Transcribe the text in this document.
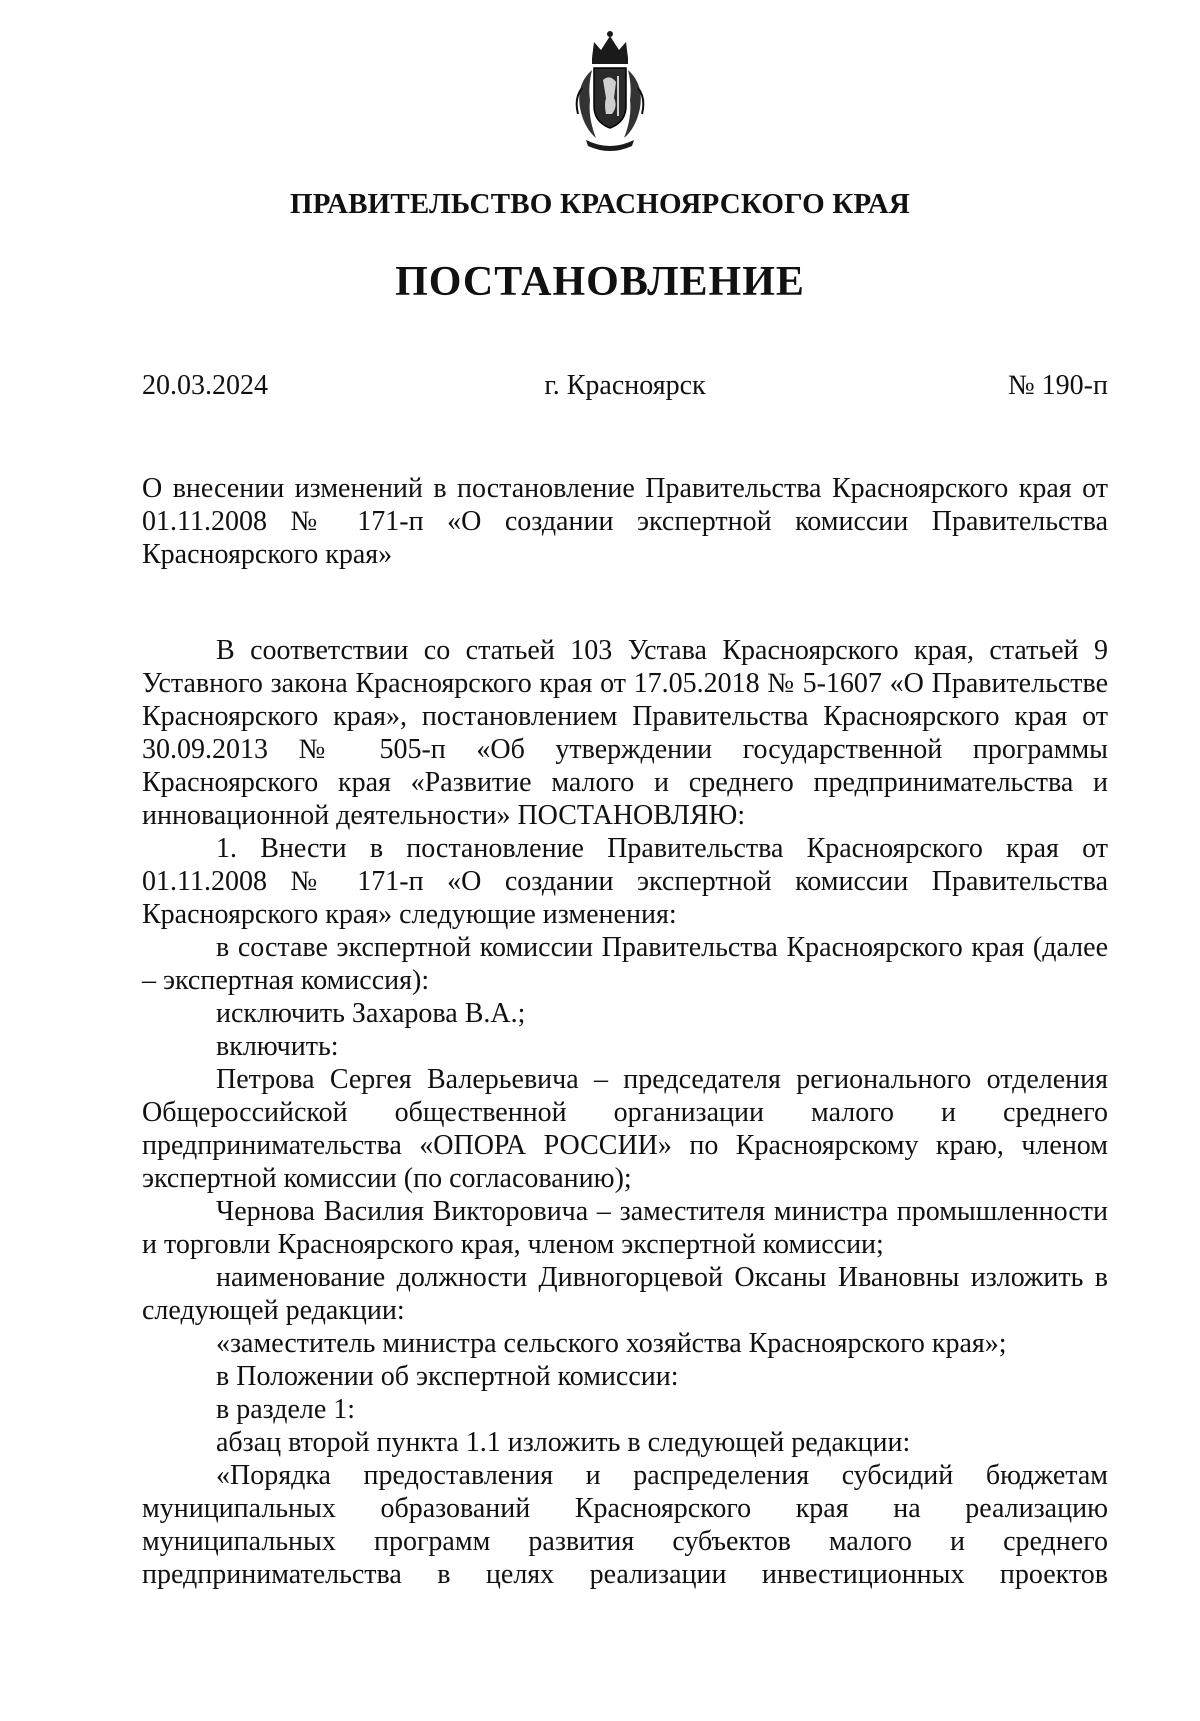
ПРАВИТЕЛЬСТВО КРАСНОЯРСКОГО КРАЯ
ПОСТАНОВЛЕНИЕ
20.03.2024	г. Красноярск	№ 190-п
О внесении изменений в постановление Правительства Красноярского края от 01.11.2008 № 171-п «О создании экспертной комиссии Правительства Красноярского края»

В соответствии со статьей 103 Устава Красноярского края, статьей 9 Уставного закона Красноярского края от 17.05.2018 № 5-1607 «О Правительстве Красноярского края», постановлением Правительства Красноярского края от 30.09.2013 № 505-п «Об утверждении государственной программы Красноярского края «Развитие малого и среднего предпринимательства и инновационной деятельности» ПОСТАНОВЛЯЮ:

1. Внести в постановление Правительства Красноярского края от 01.11.2008 № 171-п «О создании экспертной комиссии Правительства Красноярского края» следующие изменения:

в составе экспертной комиссии Правительства Красноярского края (далее – экспертная комиссия):

исключить Захарова В.А.;

включить:

Петрова Сергея Валерьевича – председателя регионального отделения Общероссийской общественной организации малого и среднего предпринимательства «ОПОРА РОССИИ» по Красноярскому краю, членом экспертной комиссии (по согласованию);

Чернова Василия Викторовича – заместителя министра промышленности и торговли Красноярского края, членом экспертной комиссии;

наименование должности Дивногорцевой Оксаны Ивановны изложить в следующей редакции:

«заместитель министра сельского хозяйства Красноярского края»;

в Положении об экспертной комиссии:

в разделе 1:

абзац второй пункта 1.1 изложить в следующей редакции:

«Порядка предоставления и распределения субсидий бюджетам муниципальных образований Красноярского края на реализацию муниципальных программ развития субъектов малого и среднего предпринимательства в целях реализации инвестиционных проектов
